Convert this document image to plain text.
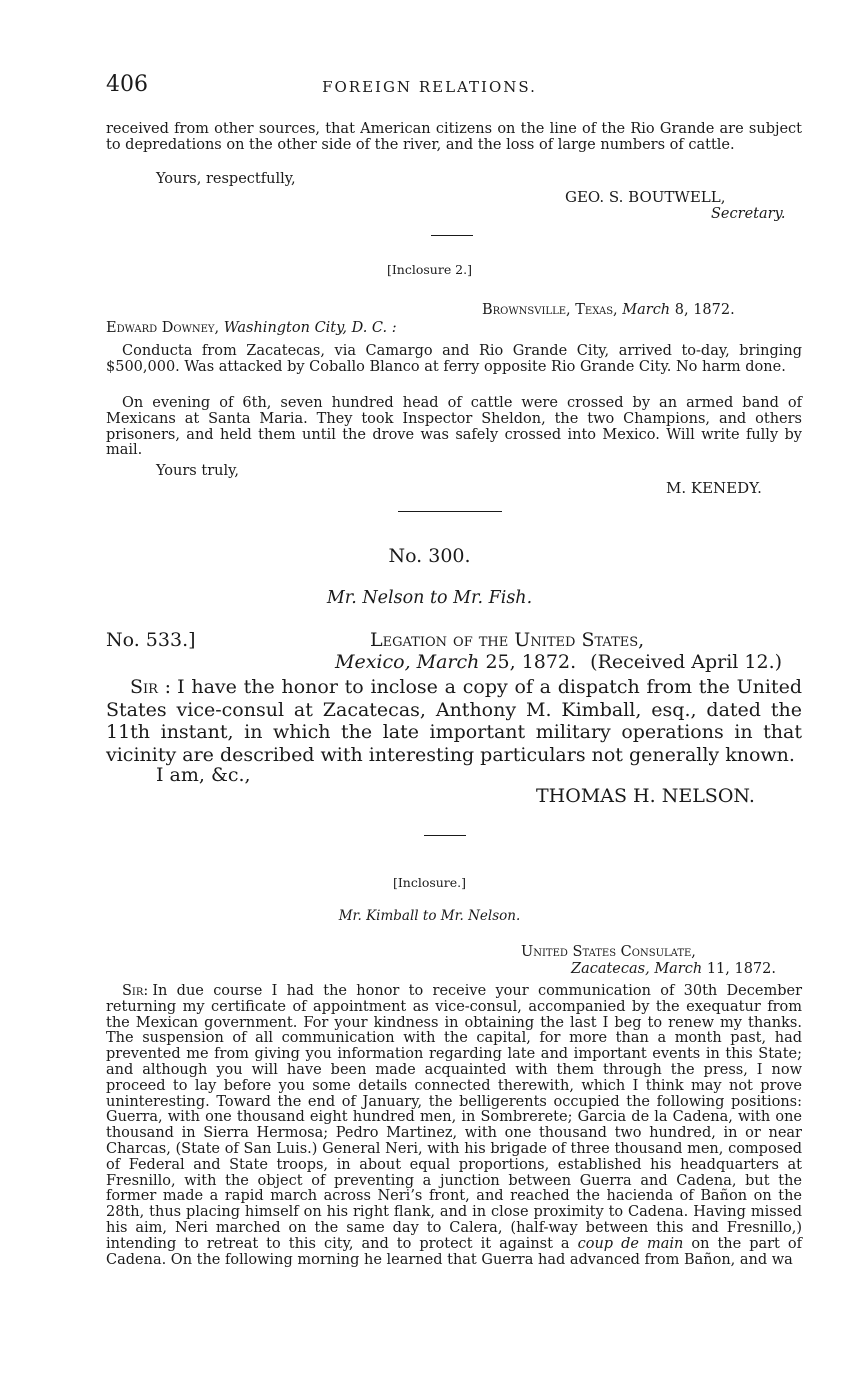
406	FOREIGN RELATIONS.
received from other sources, that American citizens on the line of the Rio Grande are subject to depredations on the other side of the river, and the loss of large numbers of cattle.
Yours, respectfully,
GEO. S. BOUTWELL,
Secretary.
[Inclosure 2.]
Brownsville, Texas, March 8, 1872.
Edward Downey, Washington City, D. C. :
Conducta from Zacatecas, via Camargo and Rio Grande City, arrived to-day, bringing $500,000. Was attacked by Coballo Blanco at ferry opposite Rio Grande City. No harm done.
On evening of 6th, seven hundred head of cattle were crossed by an armed band of Mexicans at Santa Maria. They took Inspector Sheldon, the two Champions, and others prisoners, and held them until the drove was safely crossed into Mexico. Will write fully by mail.
Yours truly,
M. KENEDY.
No. 300.
Mr. Nelson to Mr. Fish.
No. 533.]	Legation of the United States,
Mexico, March 25, 1872. (Received April 12.)
Sir : I have the honor to inclose a copy of a dispatch from the United States vice-consul at Zacatecas, Anthony M. Kimball, esq., dated the 11th instant, in which the late important military operations in that vicinity are described with interesting particulars not generally known.
I am, &c.,
THOMAS H. NELSON.
[Inclosure.]
Mr. Kimball to Mr. Nelson.
United States Consulate,
Zacatecas, March 11, 1872.
Sir: In due course I had the honor to receive your communication of 30th December returning my certificate of appointment as vice-consul, accompanied by the exequatur from the Mexican government. For your kindness in obtaining the last I beg to renew my thanks. The suspension of all communication with the capital, for more than a month past, had prevented me from giving you information regarding late and important events in this State; and although you will have been made acquainted with them through the press, I now proceed to lay before you some details connected therewith, which I think may not prove uninteresting. Toward the end of January, the belligerents occupied the following positions: Guerra, with one thousand eight hundred men, in Sombrerete; Garcia de la Cadena, with one thousand in Sierra Hermosa; Pedro Martinez, with one thousand two hundred, in or near Charcas, (State of San Luis.) General Neri, with his brigade of three thousand men, composed of Federal and State troops, in about equal proportions, established his headquarters at Fresnillo, with the object of preventing a junction between Guerra and Cadena, but the former made a rapid march across Neri’s front, and reached the hacienda of Bañon on the 28th, thus placing himself on his right flank, and in close proximity to Cadena. Having missed his aim, Neri marched on the same day to Calera, (half-way between this and Fresnillo,) intending to retreat to this city, and to protect it against a coup de main on the part of Cadena. On the following morning he learned that Guerra had advanced from Bañon, and wa
